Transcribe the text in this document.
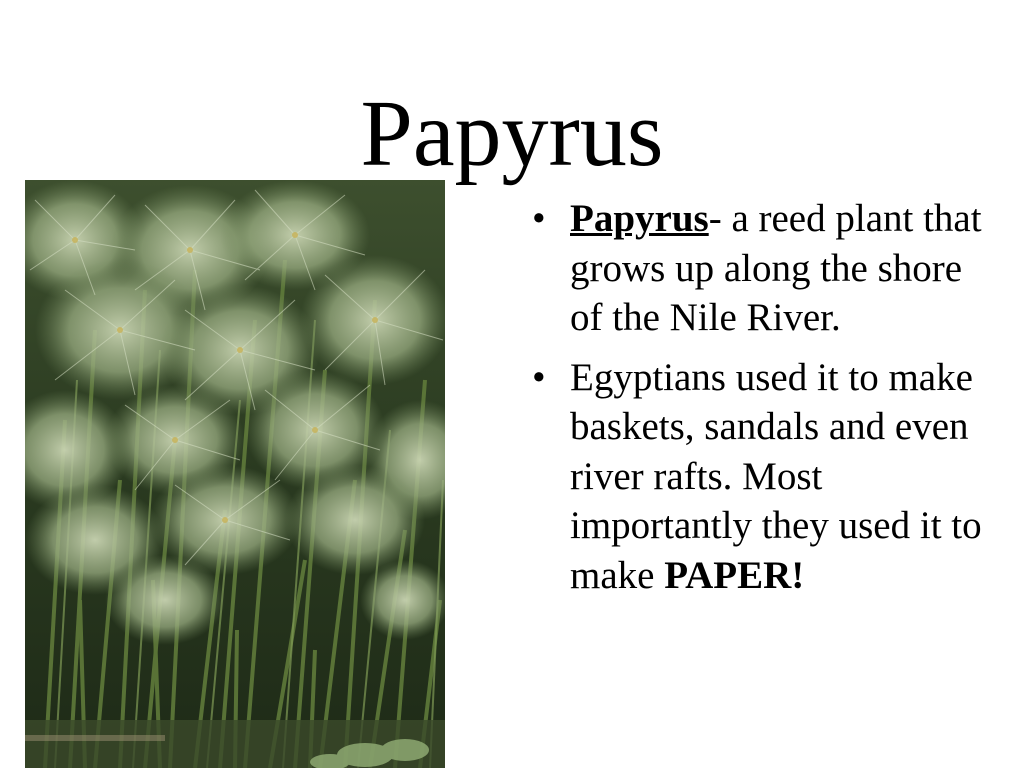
Papyrus
• Papyrus- a reed plant that grows up along the shore of the Nile River.
• Egyptians used it to make baskets, sandals and even river rafts. Most importantly they used it to make PAPER!
